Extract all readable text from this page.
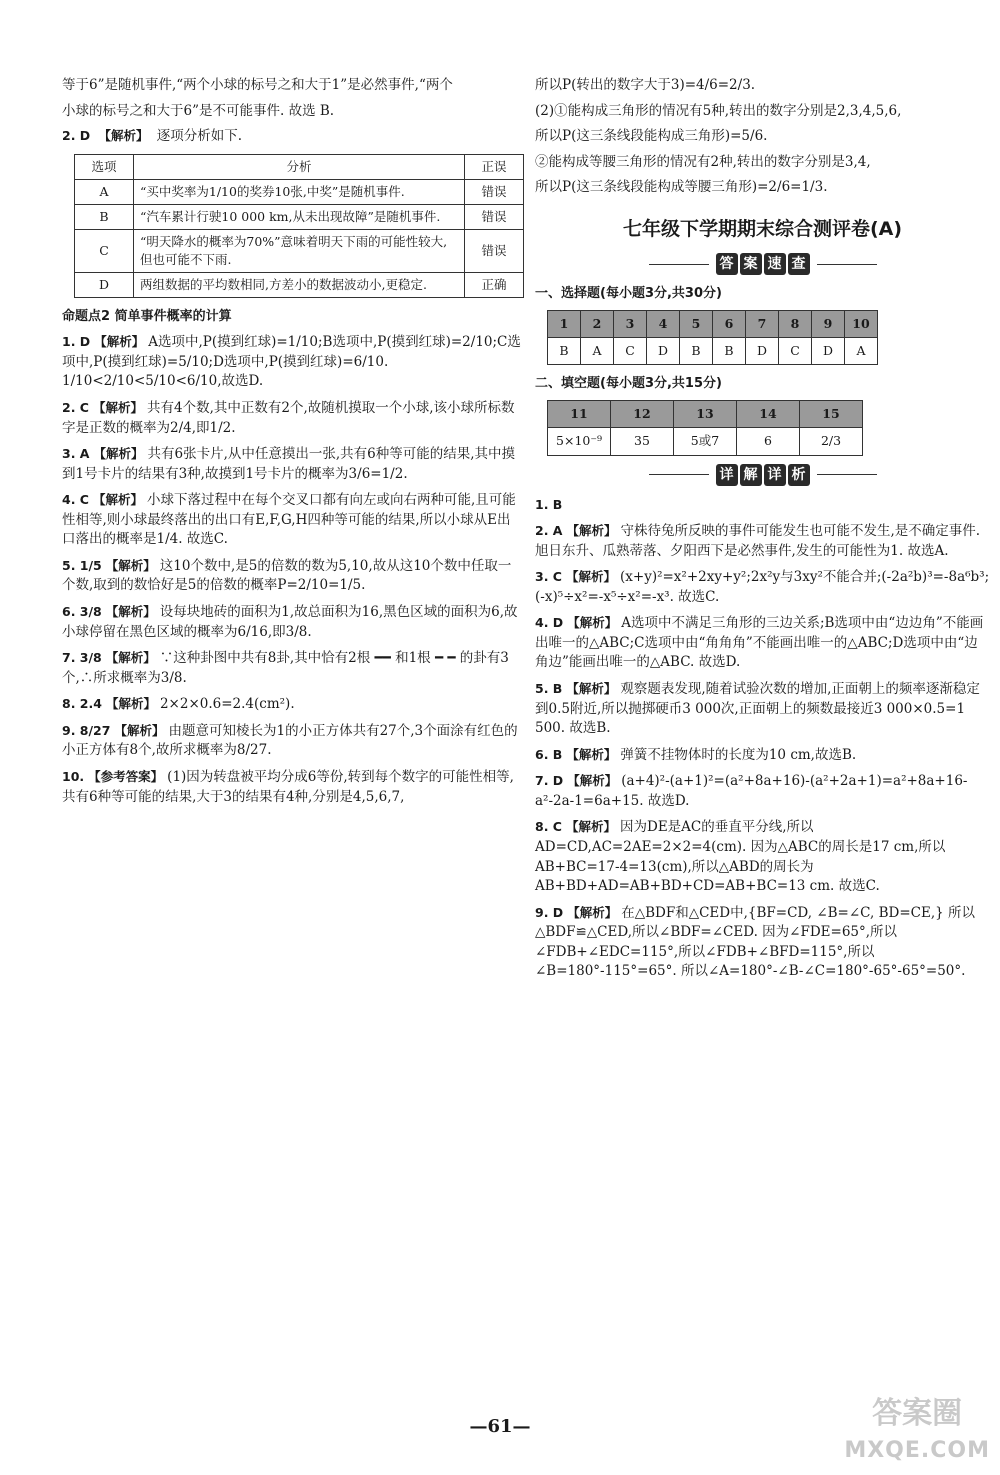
等于6”是随机事件,“两个小球的标号之和大于1”是必然事件,“两个
小球的标号之和大于6”是不可能事件. 故选 B.
2. D 【解析】 逐项分析如下.
选项	分析	正误
A	“买中奖率为1/10的奖券10张,中奖”是随机事件.	错误
B	“汽车累计行驶10 000 km,从未出现故障”是随机事件.	错误
C	“明天降水的概率为70%”意味着明天下雨的可能性较大,但也可能不下雨.	错误
D	两组数据的平均数相同,方差小的数据波动小,更稳定.	正确
命题点2 简单事件概率的计算
1. D 【解析】 A选项中,P(摸到红球)=1/10;B选项中,P(摸到红球)=2/10;C选项中,P(摸到红球)=5/10;D选项中,P(摸到红球)=6/10. 1/10<2/10<5/10<6/10,故选D.
2. C 【解析】 共有4个数,其中正数有2个,故随机摸取一个小球,该小球所标数字是正数的概率为2/4,即1/2.
3. A 【解析】 共有6张卡片,从中任意摸出一张,共有6种等可能的结果,其中摸到1号卡片的结果有3种,故摸到1号卡片的概率为3/6=1/2.
4. C 【解析】 小球下落过程中在每个交叉口都有向左或向右两种可能,且可能性相等,则小球最终落出的出口有E,F,G,H四种等可能的结果,所以小球从E出口落出的概率是1/4. 故选C.
5. 1/5 【解析】 这10个数中,是5的倍数的数为5,10,故从这10个数中任取一个数,取到的数恰好是5的倍数的概率P=2/10=1/5.
6. 3/8 【解析】 设每块地砖的面积为1,故总面积为16,黑色区域的面积为6,故小球停留在黑色区域的概率为6/16,即3/8.
7. 3/8 【解析】 ∵这种卦图中共有8卦,其中恰有2根 ━━ 和1根 ━ ━ 的卦有3个,∴所求概率为3/8.
8. 2.4 【解析】 2×2×0.6=2.4(cm²).
9. 8/27 【解析】 由题意可知棱长为1的小正方体共有27个,3个面涂有红色的小正方体有8个,故所求概率为8/27.
10. 【参考答案】 (1)因为转盘被平均分成6等份,转到每个数字的可能性相等,共有6种等可能的结果,大于3的结果有4种,分别是4,5,6,7,
所以P(转出的数字大于3)=4/6=2/3.
(2)①能构成三角形的情况有5种,转出的数字分别是2,3,4,5,6,
所以P(这三条线段能构成三角形)=5/6.
②能构成等腰三角形的情况有2种,转出的数字分别是3,4,
所以P(这三条线段能构成等腰三角形)=2/6=1/3.
七年级下学期期末综合测评卷(A)
答 案 速 查
一、选择题(每小题3分,共30分)
1	2	3	4	5	6	7	8	9	10
B	A	C	D	B	B	D	C	D	A
二、填空题(每小题3分,共15分)
11	12	13	14	15
5×10⁻⁹	35	5或7	6	2/3
详 解 详 析
1. B
2. A 【解析】 守株待兔所反映的事件可能发生也可能不发生,是不确定事件. 旭日东升、瓜熟蒂落、夕阳西下是必然事件,发生的可能性为1. 故选A.
3. C 【解析】 (x+y)²=x²+2xy+y²;2x²y与3xy²不能合并;(-2a²b)³=-8a⁶b³;(-x)⁵÷x²=-x⁵÷x²=-x³. 故选C.
4. D 【解析】 A选项中不满足三角形的三边关系;B选项中由“边边角”不能画出唯一的△ABC;C选项中由“角角角”不能画出唯一的△ABC;D选项中由“边角边”能画出唯一的△ABC. 故选D.
5. B 【解析】 观察题表发现,随着试验次数的增加,正面朝上的频率逐渐稳定到0.5附近,所以抛掷硬币3 000次,正面朝上的频数最接近3 000×0.5=1 500. 故选B.
6. B 【解析】 弹簧不挂物体时的长度为10 cm,故选B.
7. D 【解析】 (a+4)²-(a+1)²=(a²+8a+16)-(a²+2a+1)=a²+8a+16-a²-2a-1=6a+15. 故选D.
8. C 【解析】 因为DE是AC的垂直平分线,所以AD=CD,AC=2AE=2×2=4(cm). 因为△ABC的周长是17 cm,所以AB+BC=17-4=13(cm),所以△ABD的周长为AB+BD+AD=AB+BD+CD=AB+BC=13 cm. 故选C.
9. D 【解析】 在△BDF和△CED中,{BF=CD, ∠B=∠C, BD=CE,} 所以△BDF≌△CED,所以∠BDF=∠CED. 因为∠FDE=65°,所以∠FDB+∠EDC=115°,所以∠FDB+∠BFD=115°,所以∠B=180°-115°=65°. 所以∠A=180°-∠B-∠C=180°-65°-65°=50°.
—61—	答案圈
MXQE.COM
